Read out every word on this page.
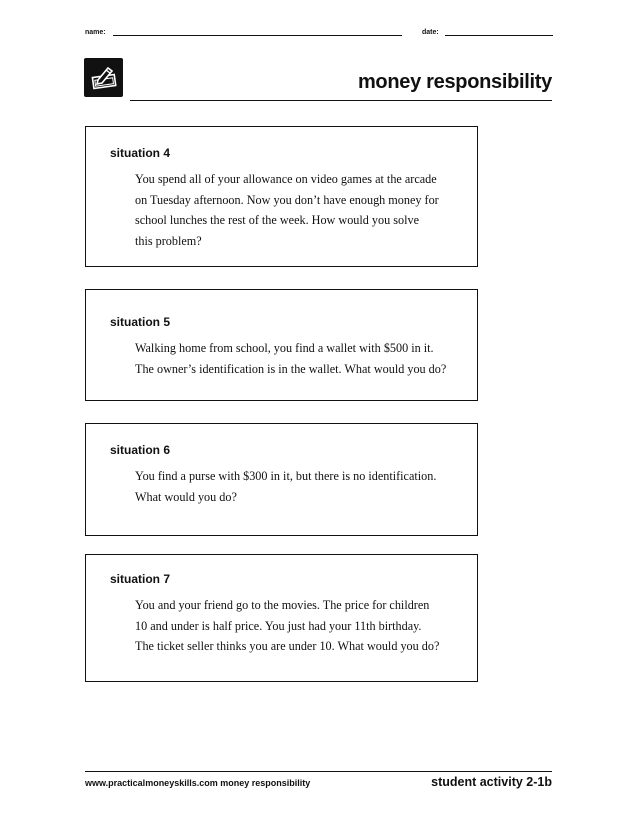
name:	date:
money responsibility
situation 4
You spend all of your allowance on video games at the arcade
on Tuesday afternoon. Now you don’t have enough money for
school lunches the rest of the week. How would you solve
this problem?
situation 5
Walking home from school, you find a wallet with $500 in it.
The owner’s identification is in the wallet. What would you do?
situation 6
You find a purse with $300 in it, but there is no identification.
What would you do?
situation 7
You and your friend go to the movies. The price for children
10 and under is half price. You just had your 11th birthday.
The ticket seller thinks you are under 10. What would you do?
www.practicalmoneyskills.com money responsibility	student activity 2-1b
